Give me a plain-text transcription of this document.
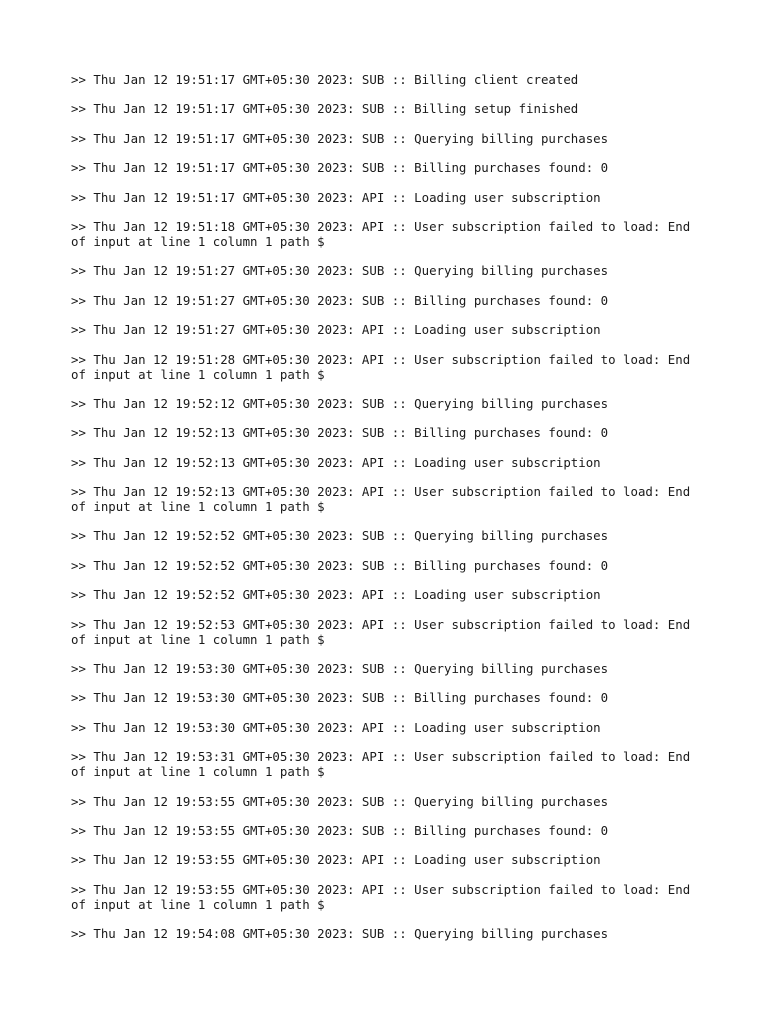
>> Thu Jan 12 19:51:17 GMT+05:30 2023: SUB :: Billing client created

>> Thu Jan 12 19:51:17 GMT+05:30 2023: SUB :: Billing setup finished

>> Thu Jan 12 19:51:17 GMT+05:30 2023: SUB :: Querying billing purchases

>> Thu Jan 12 19:51:17 GMT+05:30 2023: SUB :: Billing purchases found: 0

>> Thu Jan 12 19:51:17 GMT+05:30 2023: API :: Loading user subscription

>> Thu Jan 12 19:51:18 GMT+05:30 2023: API :: User subscription failed to load: End of input at line 1 column 1 path $

>> Thu Jan 12 19:51:27 GMT+05:30 2023: SUB :: Querying billing purchases

>> Thu Jan 12 19:51:27 GMT+05:30 2023: SUB :: Billing purchases found: 0

>> Thu Jan 12 19:51:27 GMT+05:30 2023: API :: Loading user subscription

>> Thu Jan 12 19:51:28 GMT+05:30 2023: API :: User subscription failed to load: End of input at line 1 column 1 path $

>> Thu Jan 12 19:52:12 GMT+05:30 2023: SUB :: Querying billing purchases

>> Thu Jan 12 19:52:13 GMT+05:30 2023: SUB :: Billing purchases found: 0

>> Thu Jan 12 19:52:13 GMT+05:30 2023: API :: Loading user subscription

>> Thu Jan 12 19:52:13 GMT+05:30 2023: API :: User subscription failed to load: End of input at line 1 column 1 path $

>> Thu Jan 12 19:52:52 GMT+05:30 2023: SUB :: Querying billing purchases

>> Thu Jan 12 19:52:52 GMT+05:30 2023: SUB :: Billing purchases found: 0

>> Thu Jan 12 19:52:52 GMT+05:30 2023: API :: Loading user subscription

>> Thu Jan 12 19:52:53 GMT+05:30 2023: API :: User subscription failed to load: End of input at line 1 column 1 path $

>> Thu Jan 12 19:53:30 GMT+05:30 2023: SUB :: Querying billing purchases

>> Thu Jan 12 19:53:30 GMT+05:30 2023: SUB :: Billing purchases found: 0

>> Thu Jan 12 19:53:30 GMT+05:30 2023: API :: Loading user subscription

>> Thu Jan 12 19:53:31 GMT+05:30 2023: API :: User subscription failed to load: End of input at line 1 column 1 path $

>> Thu Jan 12 19:53:55 GMT+05:30 2023: SUB :: Querying billing purchases

>> Thu Jan 12 19:53:55 GMT+05:30 2023: SUB :: Billing purchases found: 0

>> Thu Jan 12 19:53:55 GMT+05:30 2023: API :: Loading user subscription

>> Thu Jan 12 19:53:55 GMT+05:30 2023: API :: User subscription failed to load: End of input at line 1 column 1 path $

>> Thu Jan 12 19:54:08 GMT+05:30 2023: SUB :: Querying billing purchases
